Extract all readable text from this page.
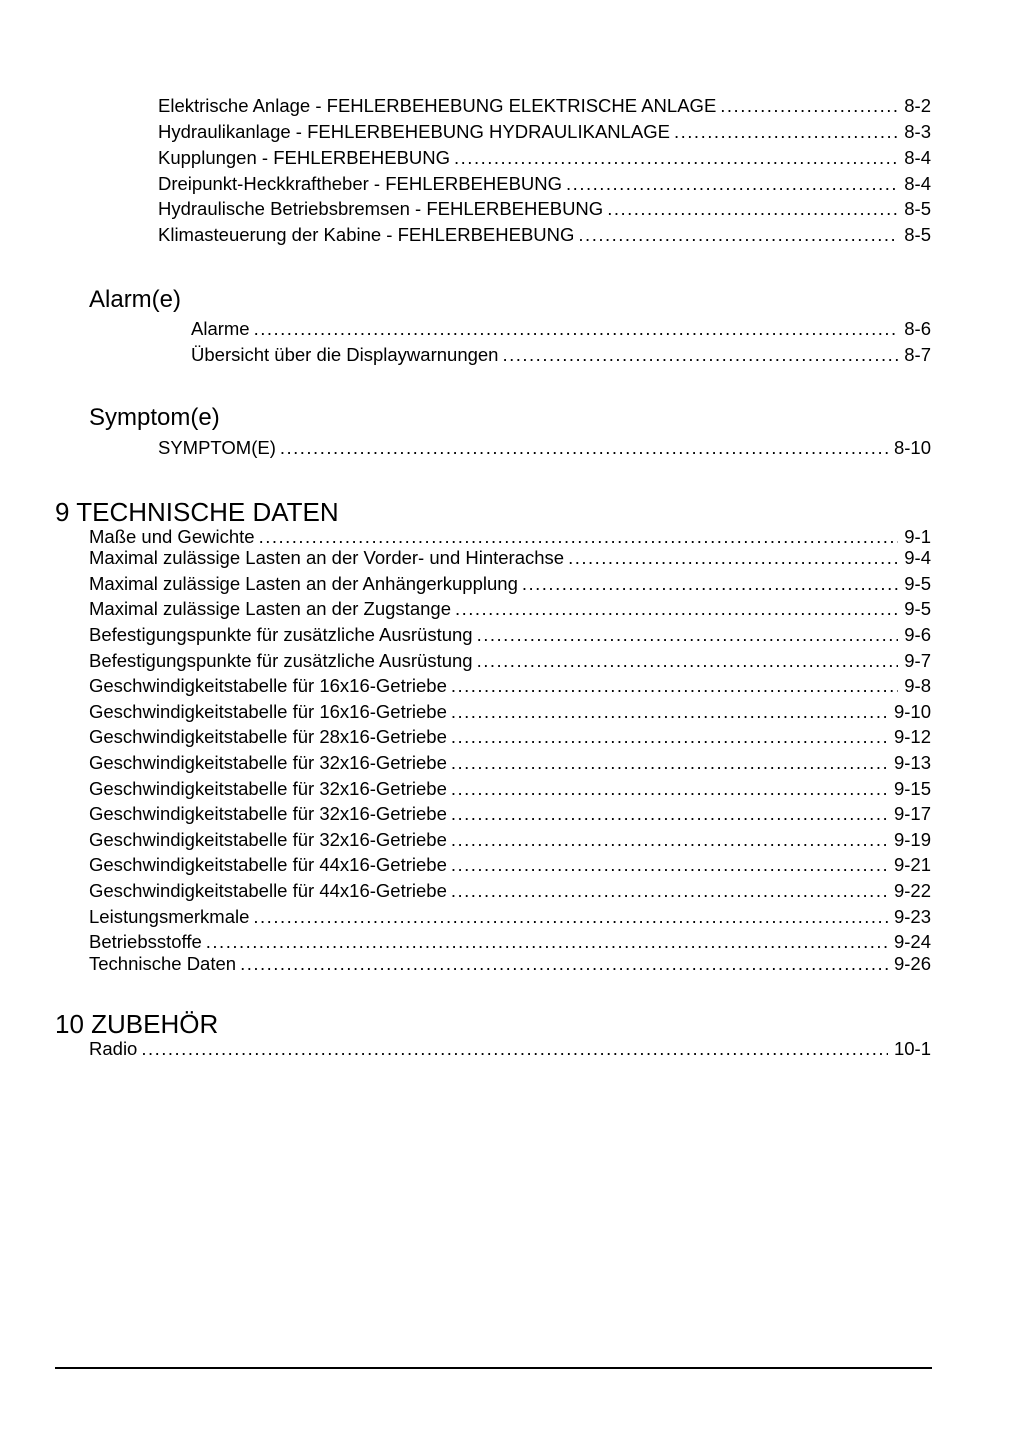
Elektrische Anlage - FEHLERBEHEBUNG ELEKTRISCHE ANLAGE .....	8-2
Hydraulikanlage - FEHLERBEHEBUNG HYDRAULIKANLAGE .....	8-3
Kupplungen - FEHLERBEHEBUNG .....	8-4
Dreipunkt-Heckkraftheber - FEHLERBEHEBUNG .....	8-4
Hydraulische Betriebsbremsen - FEHLERBEHEBUNG .....	8-5
Klimasteuerung der Kabine - FEHLERBEHEBUNG .....	8-5
Alarm(e)
Alarme .....	8-6
Übersicht über die Displaywarnungen .....	8-7
Symptom(e)
SYMPTOM(E) .....	8-10
9 TECHNISCHE DATEN
Maße und Gewichte .....	9-1
Maximal zulässige Lasten an der Vorder- und Hinterachse .....	9-4
Maximal zulässige Lasten an der Anhängerkupplung .....	9-5
Maximal zulässige Lasten an der Zugstange .....	9-5
Befestigungspunkte für zusätzliche Ausrüstung .....	9-6
Befestigungspunkte für zusätzliche Ausrüstung .....	9-7
Geschwindigkeitstabelle für 16x16-Getriebe .....	9-8
Geschwindigkeitstabelle für 16x16-Getriebe .....	9-10
Geschwindigkeitstabelle für 28x16-Getriebe .....	9-12
Geschwindigkeitstabelle für 32x16-Getriebe .....	9-13
Geschwindigkeitstabelle für 32x16-Getriebe .....	9-15
Geschwindigkeitstabelle für 32x16-Getriebe .....	9-17
Geschwindigkeitstabelle für 32x16-Getriebe .....	9-19
Geschwindigkeitstabelle für 44x16-Getriebe .....	9-21
Geschwindigkeitstabelle für 44x16-Getriebe .....	9-22
Leistungsmerkmale .....	9-23
Betriebsstoffe .....	9-24
Technische Daten .....	9-26
10 ZUBEHÖR
Radio .....	10-1
